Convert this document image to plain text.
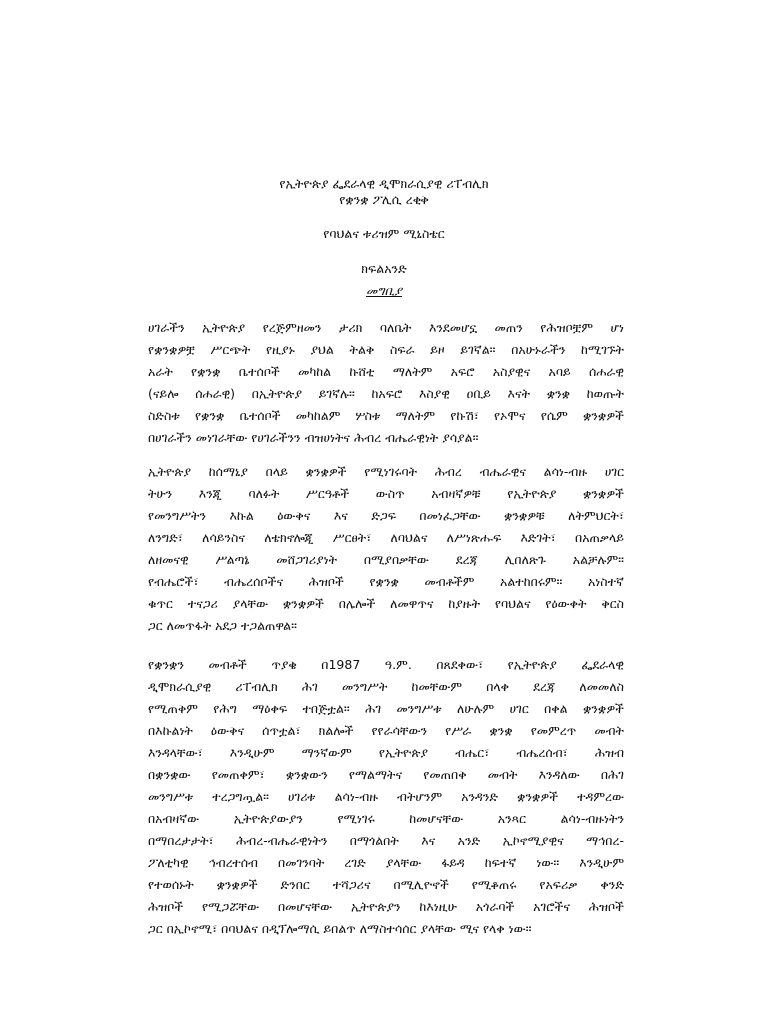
የኢትዮጵያ ፌደራላዊ ዲሞክራሲያዊ ሪፐብሊክ
የቋንቋ ፖሊሲ ረቂቅ
የባህልና ቱሪዝም ሚኒስቴር
ክፍልአንድ
መግቢያ
ሀገራችን ኢትዮጵያ የረጅምዘመን ታሪክ ባለቤት እንደመሆኗ መጠን የሕዝቦቿም ሆነ
የቋንቋዎቿ ሥርጭት የዚያኑ ያህል ትልቅ ስፍራ ይዞ ይገኛል። በአሁኑራችን ከሚገኙት
አራት የቋንቋ ቤተሰቦች መካከል ኩሸቲ ማለትም አፍሮ አስያዊና አባይ ሰሐራዊ
(ናይሎ ሰሐራዊ) በኢትዮጵያ ይገኛሉ። ከአፍሮ እስያዊ ዐቢይ እናት ቋንቋ ከወጡት
ስድስቱ የቋንቋ ቤተሰቦች መካከልም ሦስቱ ማለትም የኩሽ፣ የኦሞና የሴም ቋንቋዎች
በሀገራችን መነገራቸው የሀገራችንን ብዝሀነትና ሕብረ ብሔራዊነት ያሳያል።
ኢትዮጵያ ከሰማኒያ በላይ ቋንቋዎች የሚነገሩባት ሕብረ ብሔራዊና ልሳነ-ብዙ ሀገር
ትሁን እንጂ ባለፉት ሥርዓቶች ውስጥ አብዛኛዎቹ የኢትዮጵያ ቋንቋዎች
የመንግሥትን እኩል ዕውቅና እና ድጋፍ በመነፈጋቸው ቋንቋዎቹ ለትምህርት፣
ለንግድ፣ ለሳይንስና ለቴክኖሎጂ ሥርፀት፣ ለባህልና ለሥነጽሑፍ እድገት፣ በአጠቃላይ
ለዘመናዊ ሥልጣኔ መሸጋገሪያነት በሚያበቃቸው ደረጃ ሊበለጽጉ አልቻሉም።
የብሔሮች፣ ብሔረሰቦችና ሕዝቦች የቋንቋ መብቶችም አልተከበሩም። አነስተኛ
ቁጥር ተናጋሪ ያላቸው ቋንቋዎች በሌሎች ለመዋጥና ከያዙት የባህልና የዕውቀት ቅርስ
ጋር ለመጥፋት አደጋ ተጋልጠዋል።
የቋንቋን መብቶች ጥያቄ በ1987 ዓ.ም. በጸደቀው፣ የኢትዮጵያ ፌደራላዊ
ዲሞክራሲያዊ ሪፐብሊክ ሕገ መንግሥት ከመቸውም በላቀ ደረጃ ለመመለስ
የሚጠቅም የሕግ ማዕቀፍ ተበጅቷል። ሕገ መንግሥቱ ለሁሉም ሀገር በቀል ቋንቋዎች
በእኩልነት ዕውቅና ሰጥቷል፣ ክልሎች የየራሳቸውን የሥራ ቋንቋ የመምረጥ መብት
እንዳላቸው፣ እንዲሁም ማንኛውም የኢትዮጵያ ብሔር፣ ብሔረሰብ፣ ሕዝብ
በቋንቋው የመጠቀም፣ ቋንቋውን የማልማትና የመጠበቅ መብት እንዳለው በሕገ
መንግሥቱ ተረጋግጧል። ሀገሪቱ ልሳነ-ብዙ ብትሆንም አንዳንድ ቋንቋዎች ተዳምረው
በአብዛኛው ኢትዮጵያውያን የሚነገሩ ከመሆናቸው አንጻር ልሳነ-ብዙነትን
በማበረታታት፣ ሕብረ-ብሔራዊነትን በማጎልበት እና አንድ ኢኮኖሚያዊና ማኅበረ-
ፖለቲካዊ ኅብረተሰብ በመገንባት ረገድ ያላቸው ፋይዳ ከፍተኛ ነው። እንዲሁም
የተወሰኑት ቋንቋዎች ድንበር ተሻጋሪና በሚሊዮኖች የሚቆጠሩ የአፍሪቃ ቀንድ
ሕዝቦች የሚጋሯቸው በመሆናቸው ኢትዮጵያን ከእነዚሁ አጎራባች አገሮችና ሕዝቦች
ጋር በኢኮኖሚ፣ በባህልና በዲፕሎማሲ ይበልጥ ለማስተሳሰር ያላቸው ሚና የላቀ ነው።
